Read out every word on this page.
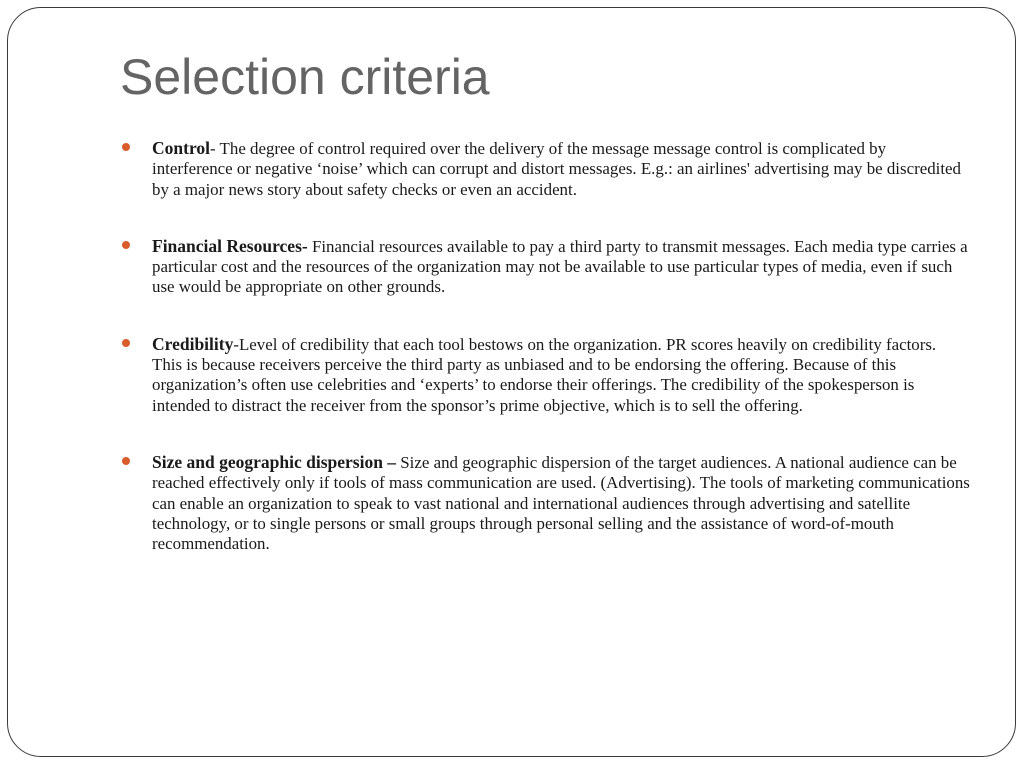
Selection criteria
Control- The degree of control required over the delivery of the message message control is complicated by interference or negative ‘noise’ which can corrupt and distort messages. E.g.: an airlines' advertising may be discredited by a major news story about safety checks or even an accident.
Financial Resources- Financial resources available to pay a third party to transmit messages. Each media type carries a particular cost and the resources of the organization may not be available to use particular types of media, even if such use would be appropriate on other grounds.
Credibility-Level of credibility that each tool bestows on the organization. PR scores heavily on credibility factors. This is because receivers perceive the third party as unbiased and to be endorsing the offering. Because of this organization’s often use celebrities and ‘experts’ to endorse their offerings. The credibility of the spokesperson is intended to distract the receiver from the sponsor’s prime objective, which is to sell the offering.
Size and geographic dispersion – Size and geographic dispersion of the target audiences. A national audience can be reached effectively only if tools of mass communication are used. (Advertising). The tools of marketing communications can enable an organization to speak to vast national and international audiences through advertising and satellite technology, or to single persons or small groups through personal selling and the assistance of word-of-mouth recommendation.
